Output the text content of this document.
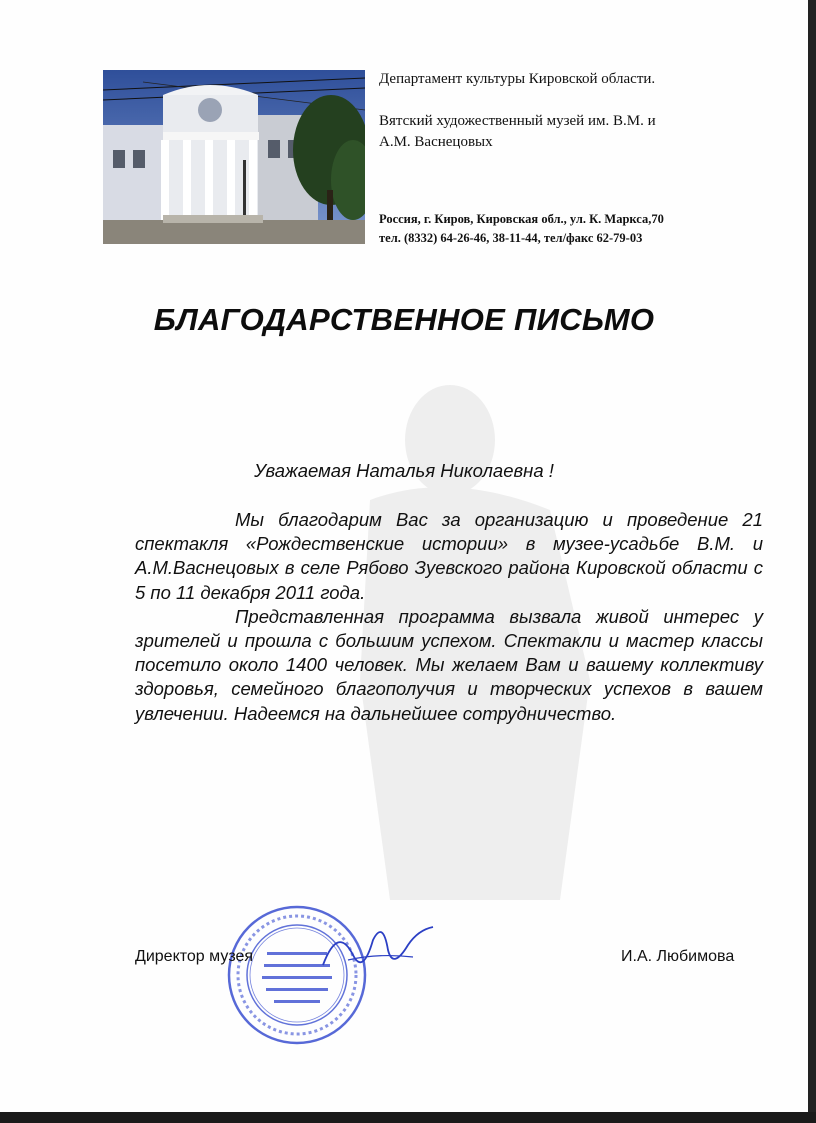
Департамент культуры Кировской области.
Вятский художественный музей им. В.М. и
А.М. Васнецовых
Россия, г. Киров, Кировская обл., ул. К. Маркса,70
тел. (8332) 64-26-46, 38-11-44, тел/факс 62-79-03
БЛАГОДАРСТВЕННОЕ ПИСЬМО
Уважаемая Наталья Николаевна !

Мы благодарим Вас за организацию и проведение 21 спектакля «Рождественские истории» в музее-усадьбе В.М. и А.М.Васнецовых в селе Рябово Зуевского района Кировской области с 5 по 11 декабря 2011 года.

Представленная программа вызвала живой интерес у зрителей и прошла с большим успехом. Спектакли и мастер классы посетило около 1400 человек. Мы желаем Вам и вашему коллективу здоровья, семейного благополучия и творческих успехов в вашем увлечении. Надеемся на дальнейшее сотрудничество.

Директор музея	И.А. Любимова
